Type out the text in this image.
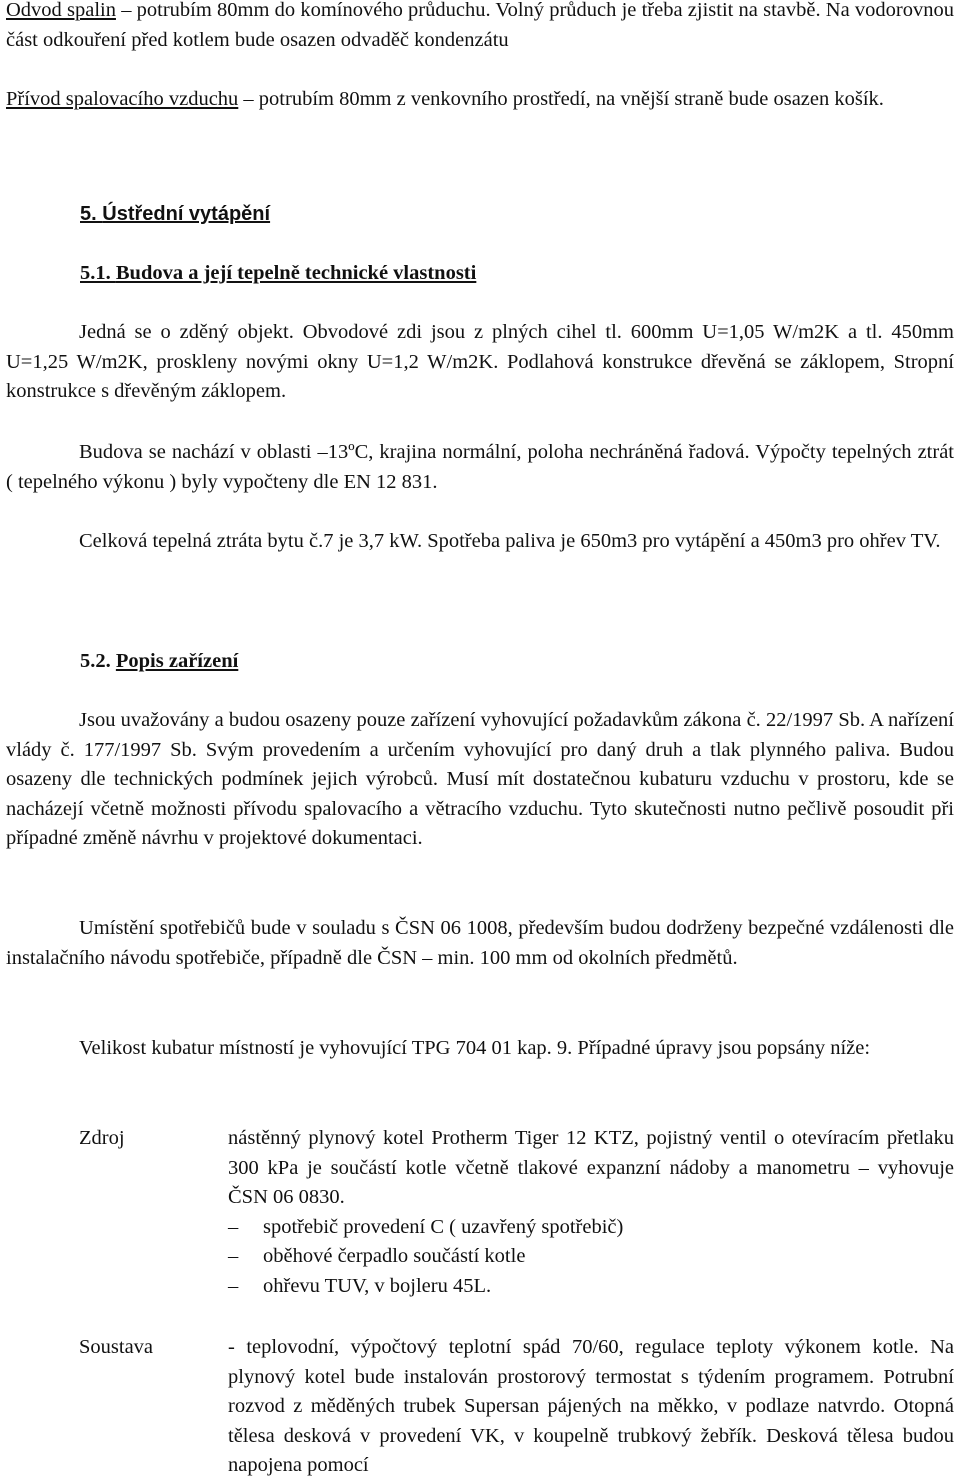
Odvod spalin – potrubím 80mm do komínového průduchu. Volný průduch je třeba zjistit na stavbě. Na vodorovnou část odkouření před kotlem bude osazen odvaděč kondenzátu

Přívod spalovacího vzduchu – potrubím 80mm z venkovního prostředí, na vnější straně bude osazen košík.

5. Ústřední vytápění
5.1. Budova a její tepelně technické vlastnosti

Jedná se o zděný objekt. Obvodové zdi jsou z plných cihel tl. 600mm U=1,05 W/m2K a tl. 450mm U=1,25 W/m2K, proskleny novými okny U=1,2 W/m2K. Podlahová konstrukce dřevěná se záklopem, Stropní konstrukce s dřevěným záklopem.

Budova se nachází v oblasti –13ºC, krajina normální, poloha nechráněná řadová. Výpočty tepelných ztrát ( tepelného výkonu ) byly vypočteny dle EN 12 831.

Celková tepelná ztráta bytu č.7 je 3,7 kW. Spotřeba paliva je 650m3 pro vytápění a 450m3 pro ohřev TV.

5.2. Popis zařízení

Jsou uvažovány a budou osazeny pouze zařízení vyhovující požadavkům zákona č. 22/1997 Sb. A nařízení vlády č. 177/1997 Sb. Svým provedením a určením vyhovující pro daný druh a tlak plynného paliva. Budou osazeny dle technických podmínek jejich výrobců. Musí mít dostatečnou kubaturu vzduchu v prostoru, kde se nacházejí včetně možnosti přívodu spalovacího a větracího vzduchu. Tyto skutečnosti nutno pečlivě posoudit při případné změně návrhu v projektové dokumentaci.

Umístění spotřebičů bude v souladu s ČSN 06 1008, především budou dodrženy bezpečné vzdálenosti dle instalačního návodu spotřebiče, případně dle ČSN – min. 100 mm od okolních předmětů.

Velikost kubatur místností je vyhovující TPG 704 01 kap. 9. Případné úpravy jsou popsány níže:

Zdroj	nástěnný plynový kotel Protherm Tiger 12 KTZ, pojistný ventil o otevíracím přetlaku 300 kPa je součástí kotle včetně tlakové expanzní nádoby a manometru – vyhovuje ČSN 06 0830.

– spotřebič provedení C ( uzavřený spotřebič)
– oběhové čerpadlo součástí kotle
– ohřevu TUV, v bojleru 45L.
Soustava	- teplovodní, výpočtový teplotní spád 70/60, regulace teploty výkonem kotle. Na plynový kotel bude instalován prostorový termostat s týdením programem. Potrubní rozvod z měděných trubek Supersan pájených na měkko, v podlaze natvrdo. Otopná tělesa desková v provedení VK, v koupelně trubkový žebřík. Desková tělesa budou napojena pomocí
